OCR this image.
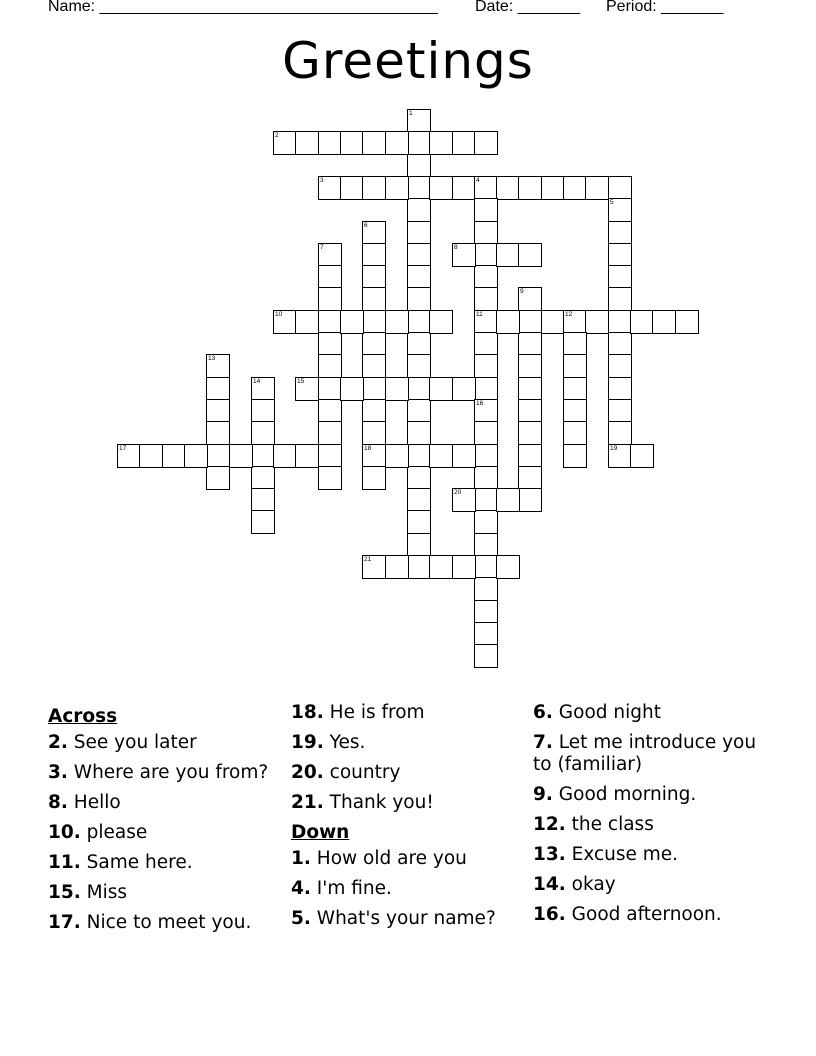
Name: ______________________________________ Date: _______ Period: _______
Greetings
1
2
3	4
11
5
19
6
18
7	8
9
10	12
13
14	15
16
17
20
21
Across
2. See you later
3. Where are you from?
8. Hello
10. please
11. Same here.
15. Miss
17. Nice to meet you.
18. He is from
19. Yes.
20. country
21. Thank you!
Down
1. How old are you
4. I'm fine.
5. What's your name?
6. Good night
7. Let me introduce you to (familiar)
9. Good morning.
12. the class
13. Excuse me.
14. okay
16. Good afternoon.
